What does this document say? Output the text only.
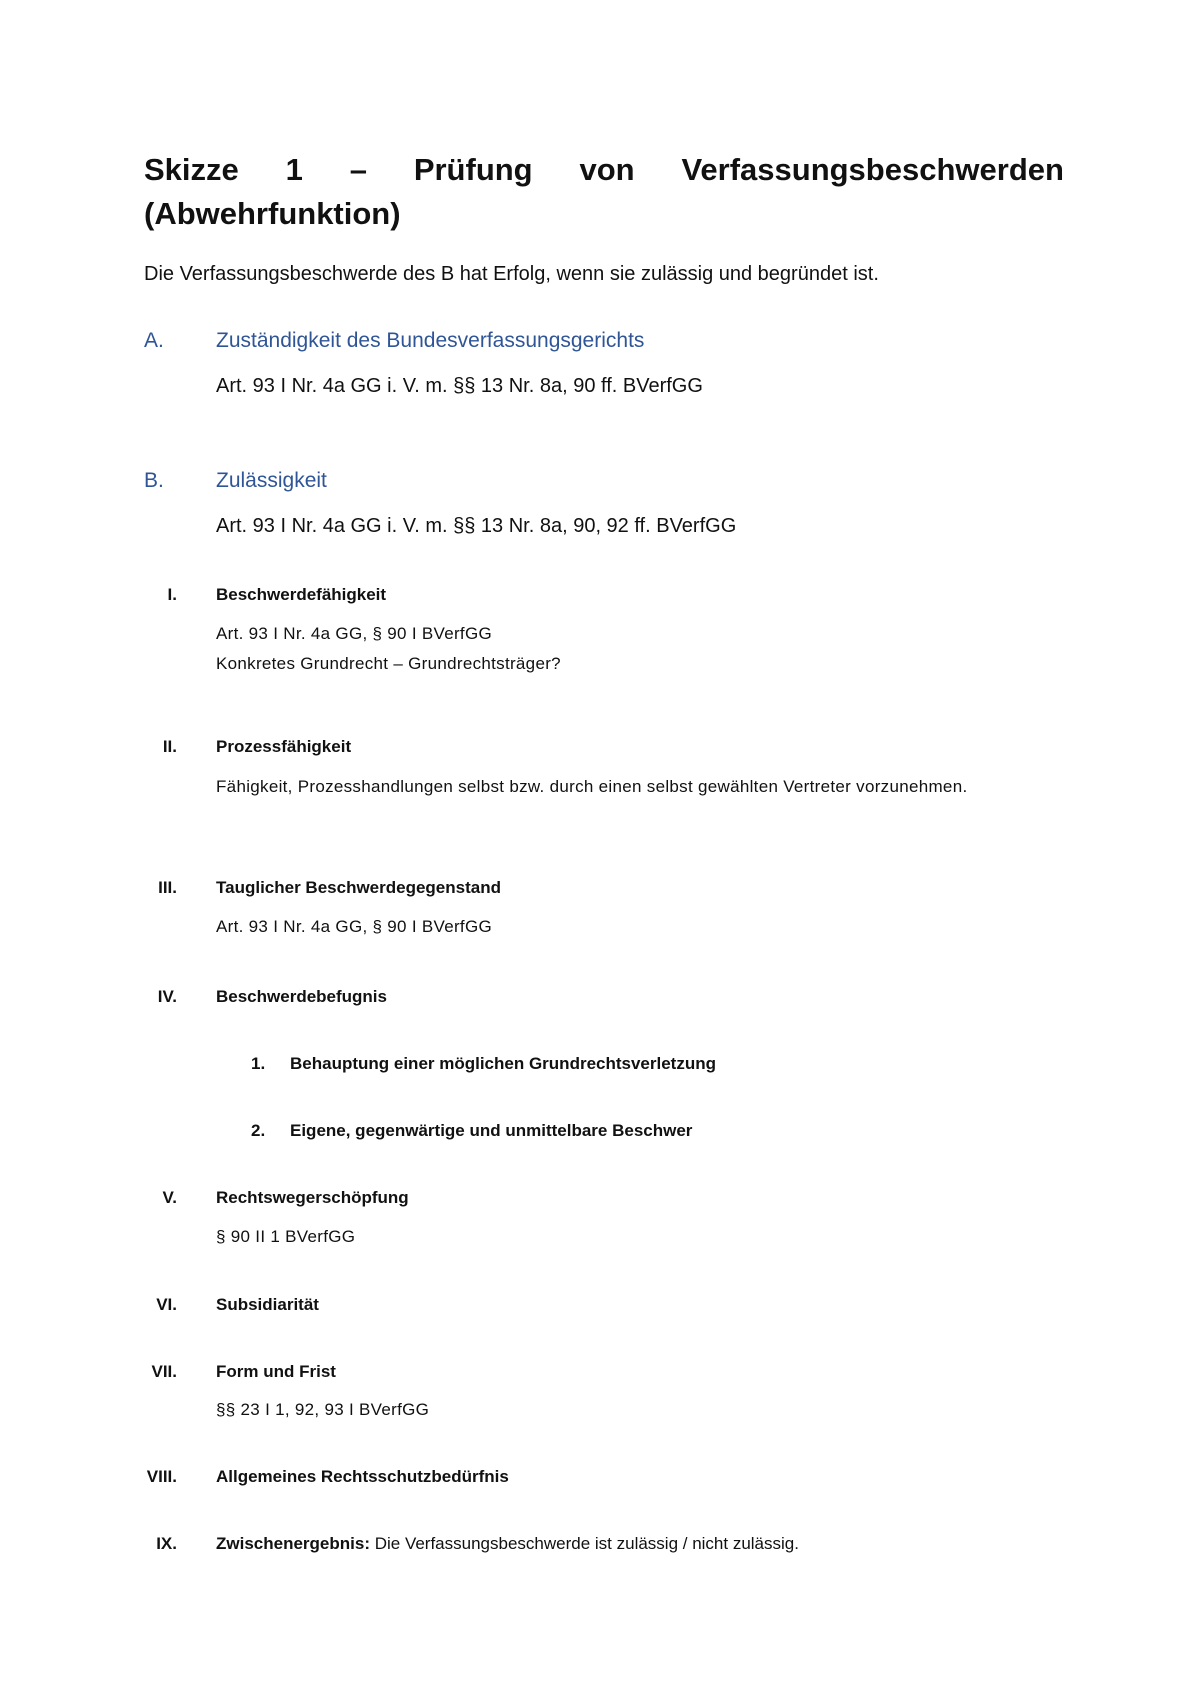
Skizze 1 – Prüfung von Verfassungsbeschwerden
(Abwehrfunktion)

Die Verfassungsbeschwerde des B hat Erfolg, wenn sie zulässig und begründet ist.

A. Zuständigkeit des Bundesverfassungsgerichts
Art. 93 I Nr. 4a GG i. V. m. §§ 13 Nr. 8a, 90 ff. BVerfGG
B. Zulässigkeit
Art. 93 I Nr. 4a GG i. V. m. §§ 13 Nr. 8a, 90, 92 ff. BVerfGG
I. Beschwerdefähigkeit
Art. 93 I Nr. 4a GG, § 90 I BVerfGG
Konkretes Grundrecht – Grundrechtsträger?
II. Prozessfähigkeit
Fähigkeit, Prozesshandlungen selbst bzw. durch einen selbst gewählten Vertreter vorzunehmen.
III. Tauglicher Beschwerdegegenstand
Art. 93 I Nr. 4a GG, § 90 I BVerfGG
IV. Beschwerdebefugnis
1. Behauptung einer möglichen Grundrechtsverletzung
2. Eigene, gegenwärtige und unmittelbare Beschwer
V. Rechtswegerschöpfung
§ 90 II 1 BVerfGG
VI. Subsidiarität
VII. Form und Frist
§§ 23 I 1, 92, 93 I BVerfGG
VIII. Allgemeines Rechtsschutzbedürfnis
IX. Zwischenergebnis: Die Verfassungsbeschwerde ist zulässig / nicht zulässig.
